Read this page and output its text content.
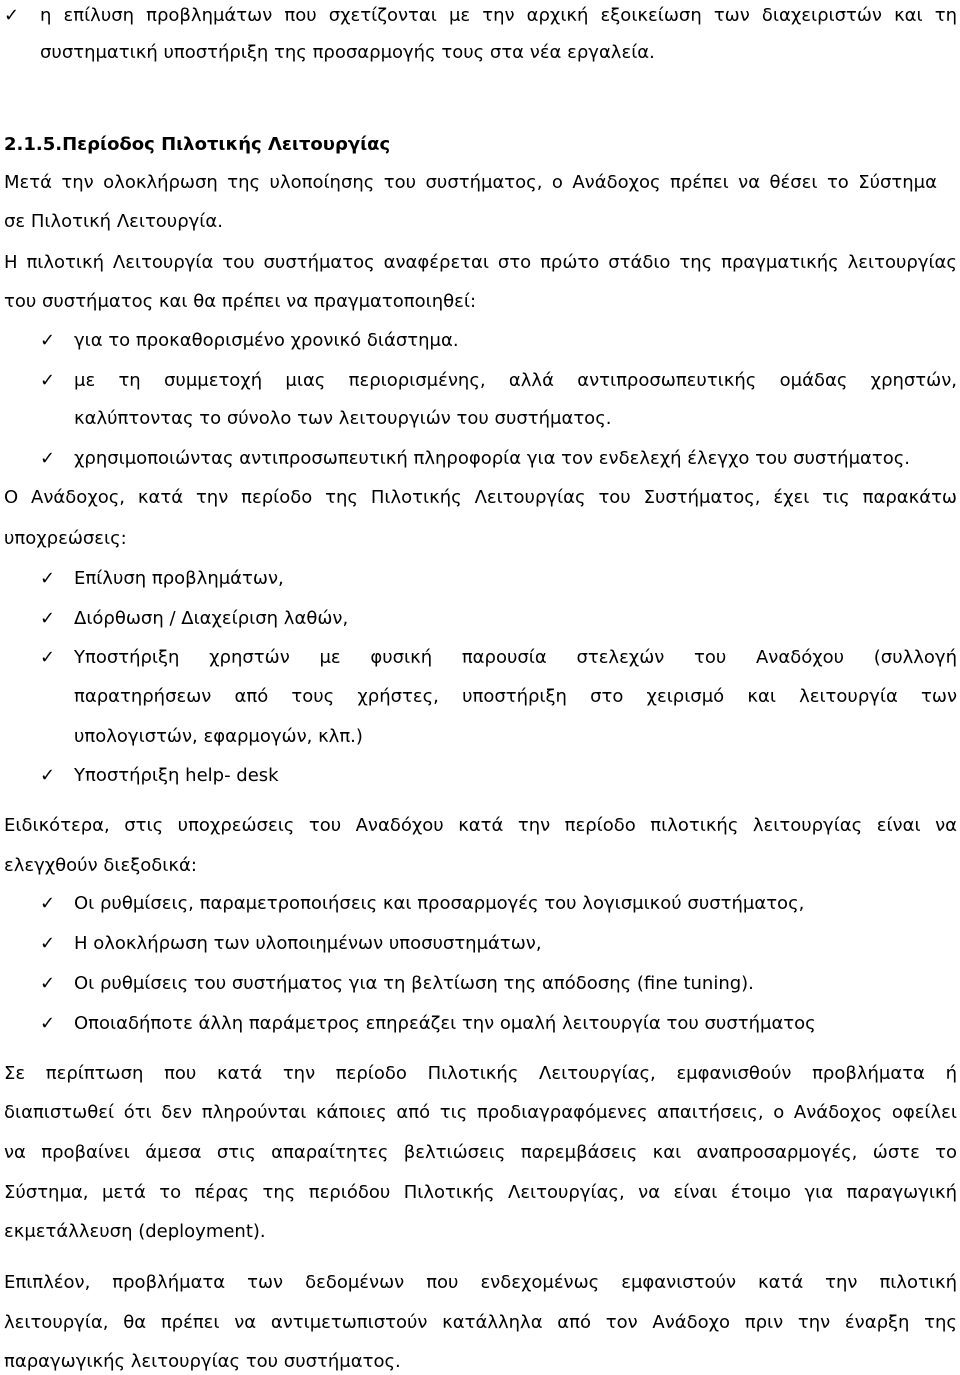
✓ η επίλυση προβλημάτων που σχετίζονται με την αρχική εξοικείωση των διαχειριστών και τη
συστηματική υποστήριξη της προσαρμογής τους στα νέα εργαλεία.
2.1.5.Περίοδος Πιλοτικής Λειτουργίας
Μετά την ολοκλήρωση της υλοποίησης του συστήματος, ο Ανάδοχος πρέπει να θέσει το Σύστημα
σε Πιλοτική Λειτουργία.
Η πιλοτική Λειτουργία του συστήματος αναφέρεται στο πρώτο στάδιο της πραγματικής λειτουργίας
του συστήματος και θα πρέπει να πραγματοποιηθεί:
✓ για το προκαθορισμένο χρονικό διάστημα.
✓ με τη συμμετοχή μιας περιορισμένης, αλλά αντιπροσωπευτικής ομάδας χρηστών,
καλύπτοντας το σύνολο των λειτουργιών του συστήματος.
✓ χρησιμοποιώντας αντιπροσωπευτική πληροφορία για τον ενδελεχή έλεγχο του συστήματος.
Ο Ανάδοχος, κατά την περίοδο της Πιλοτικής Λειτουργίας του Συστήματος, έχει τις παρακάτω
υποχρεώσεις:
✓ Επίλυση προβλημάτων,
✓ Διόρθωση / Διαχείριση λαθών,
✓ Υποστήριξη χρηστών με φυσική παρουσία στελεχών του Αναδόχου (συλλογή
παρατηρήσεων από τους χρήστες, υποστήριξη στο χειρισμό και λειτουργία των
υπολογιστών, εφαρμογών, κλπ.)
✓ Υποστήριξη help- desk
Ειδικότερα, στις υποχρεώσεις του Αναδόχου κατά την περίοδο πιλοτικής λειτουργίας είναι να
ελεγχθούν διεξοδικά:
✓ Οι ρυθμίσεις, παραμετροποιήσεις και προσαρμογές του λογισμικού συστήματος,
✓ Η ολοκλήρωση των υλοποιημένων υποσυστημάτων,
✓ Οι ρυθμίσεις του συστήματος για τη βελτίωση της απόδοσης (fine tuning).
✓ Οποιαδήποτε άλλη παράμετρος επηρεάζει την ομαλή λειτουργία του συστήματος
Σε περίπτωση που κατά την περίοδο Πιλοτικής Λειτουργίας, εμφανισθούν προβλήματα ή
διαπιστωθεί ότι δεν πληρούνται κάποιες από τις προδιαγραφόμενες απαιτήσεις, ο Ανάδοχος οφείλει
να προβαίνει άμεσα στις απαραίτητες βελτιώσεις παρεμβάσεις και αναπροσαρμογές, ώστε το
Σύστημα, μετά το πέρας της περιόδου Πιλοτικής Λειτουργίας, να είναι έτοιμο για παραγωγική
εκμετάλλευση (deployment).
Επιπλέον, προβλήματα των δεδομένων που ενδεχομένως εμφανιστούν κατά την πιλοτική
λειτουργία, θα πρέπει να αντιμετωπιστούν κατάλληλα από τον Ανάδοχο πριν την έναρξη της
παραγωγικής λειτουργίας του συστήματος.
